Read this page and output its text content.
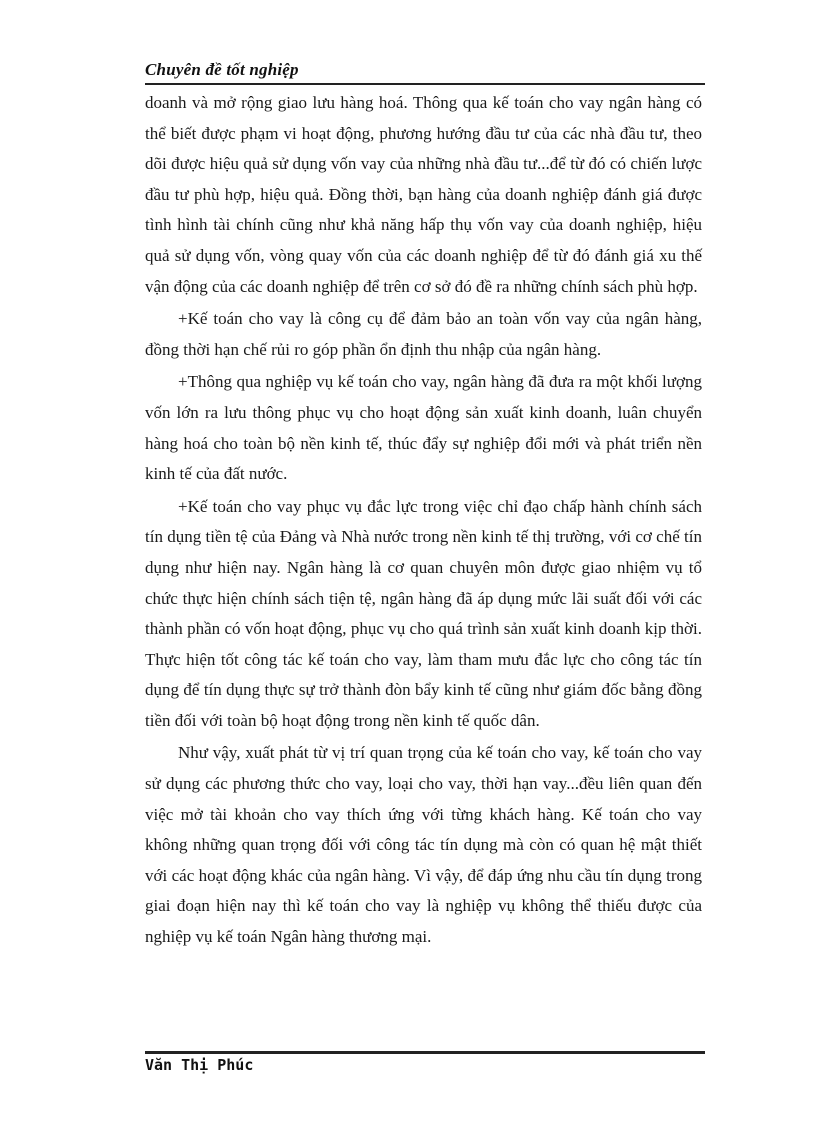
Chuyên đề tốt nghiệp

doanh và mở rộng giao lưu hàng hoá. Thông qua kế toán cho vay ngân hàng có thể biết được phạm vi hoạt động, phương hướng đầu tư của các nhà đầu tư, theo dõi được hiệu quả sử dụng vốn vay của những nhà đầu tư...để từ đó có chiến lược đầu tư phù hợp, hiệu quả. Đồng thời, bạn hàng của doanh nghiệp đánh giá được tình hình tài chính cũng như khả năng hấp thụ vốn vay của doanh nghiệp, hiệu quả sử dụng vốn, vòng quay vốn của các doanh nghiệp để từ đó đánh giá xu thế vận động của các doanh nghiệp để trên cơ sở đó đề ra những chính sách phù hợp.

+Kế toán cho vay là công cụ để đảm bảo an toàn vốn vay của ngân hàng, đồng thời hạn chế rủi ro góp phần ổn định thu nhập của ngân hàng.

+Thông qua nghiệp vụ kế toán cho vay, ngân hàng đã đưa ra một khối lượng vốn lớn ra lưu thông phục vụ cho hoạt động sản xuất kinh doanh, luân chuyển hàng hoá cho toàn bộ nền kinh tế, thúc đẩy sự nghiệp đổi mới và phát triển nền kinh tế của đất nước.

+Kế toán cho vay phục vụ đắc lực trong việc chỉ đạo chấp hành chính sách tín dụng tiền tệ của Đảng và Nhà nước trong nền kinh tế thị trường, với cơ chế tín dụng như hiện nay. Ngân hàng là cơ quan chuyên môn được giao nhiệm vụ tổ chức thực hiện chính sách tiện tệ, ngân hàng đã áp dụng mức lãi suất đối với các thành phần có vốn hoạt động, phục vụ cho quá trình sản xuất kinh doanh kịp thời. Thực hiện tốt công tác kế toán cho vay, làm tham mưu đắc lực cho công tác tín dụng để tín dụng thực sự trở thành đòn bẩy kinh tế cũng như giám đốc bằng đồng tiền đối với toàn bộ hoạt động trong nền kinh tế quốc dân.

Như vậy, xuất phát từ vị trí quan trọng của kế toán cho vay, kế toán cho vay sử dụng các phương thức cho vay, loại cho vay, thời hạn vay...đều liên quan đến việc mở tài khoản cho vay thích ứng với từng khách hàng. Kế toán cho vay không những quan trọng đối với công tác tín dụng mà còn có quan hệ mật thiết với các hoạt động khác của ngân hàng. Vì vậy, để đáp ứng nhu cầu tín dụng trong giai đoạn hiện nay thì kế toán cho vay là nghiệp vụ không thể thiếu được của nghiệp vụ kế toán Ngân hàng thương mại.

Văn Thị Phúc
